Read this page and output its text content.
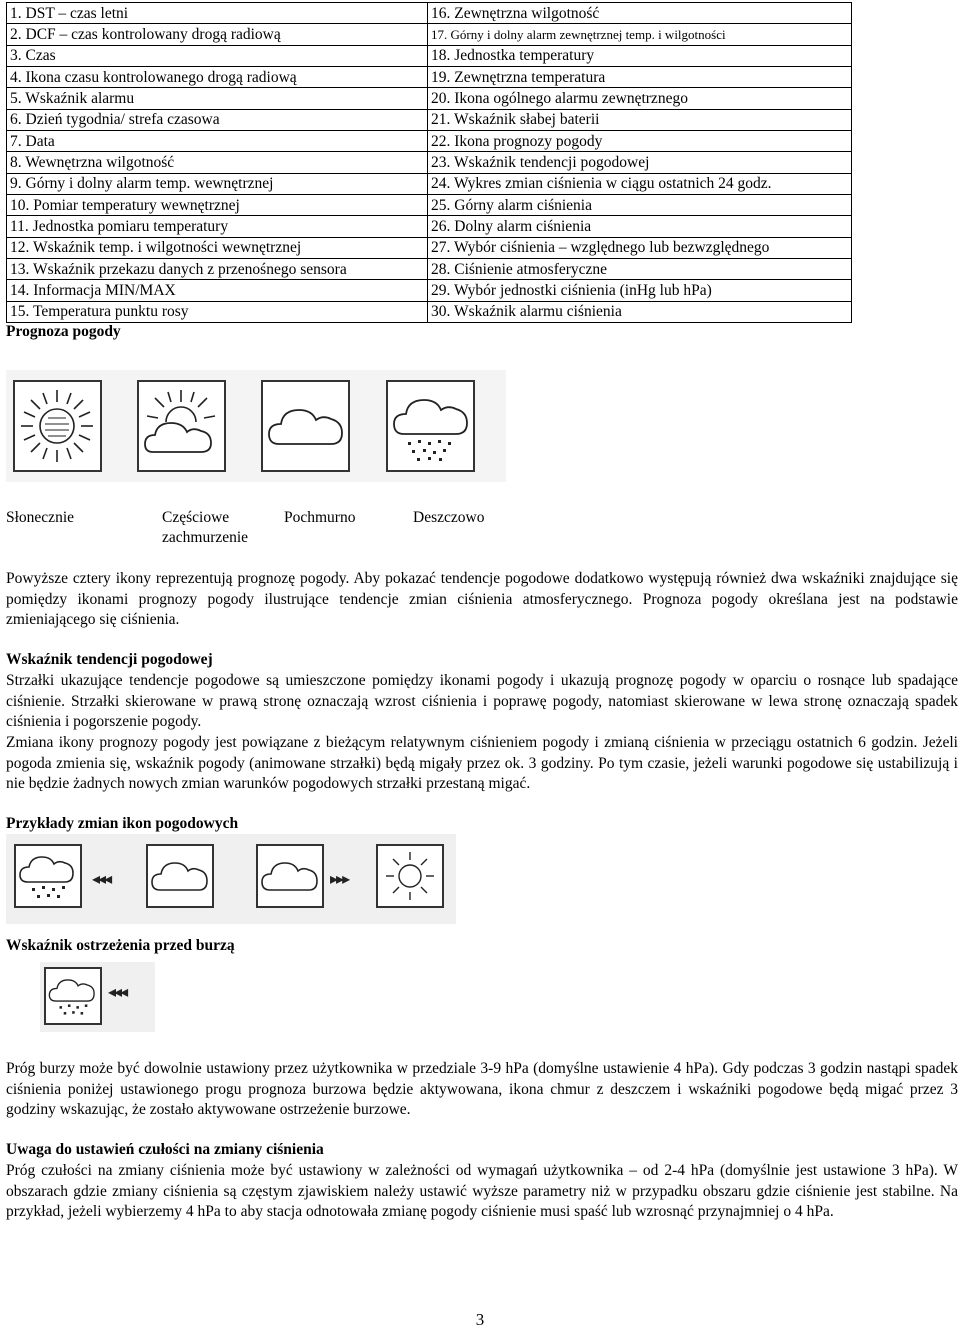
1. DST – czas letni	16. Zewnętrzna wilgotność
2. DCF – czas kontrolowany drogą radiową	17. Górny i dolny alarm zewnętrznej temp. i wilgotności
3. Czas	18. Jednostka temperatury
4. Ikona czasu kontrolowanego drogą radiową	19. Zewnętrzna temperatura
5. Wskaźnik alarmu	20. Ikona ogólnego alarmu zewnętrznego
6. Dzień tygodnia/ strefa czasowa	21. Wskaźnik słabej baterii
7. Data	22. Ikona prognozy pogody
8. Wewnętrzna wilgotność	23. Wskaźnik tendencji pogodowej
9. Górny i dolny alarm temp. wewnętrznej	24. Wykres zmian ciśnienia w ciągu ostatnich 24 godz.
10. Pomiar temperatury wewnętrznej	25. Górny alarm ciśnienia
11. Jednostka pomiaru temperatury	26. Dolny alarm ciśnienia
12. Wskaźnik temp. i wilgotności wewnętrznej	27. Wybór ciśnienia – względnego lub bezwzględnego
13. Wskaźnik przekazu danych z przenośnego sensora	28. Ciśnienie atmosferyczne
14. Informacja MIN/MAX	29. Wybór jednostki ciśnienia (inHg lub hPa)
15. Temperatura punktu rosy	30. Wskaźnik alarmu ciśnienia
Prognoza pogody
Słonecznie	Częściowe
zachmurzenie
Pochmurno	Deszczowo
Powyższe cztery ikony reprezentują prognozę pogody. Aby pokazać tendencje pogodowe dodatkowo występują również dwa wskaźniki znajdujące się pomiędzy ikonami prognozy pogody ilustrujące tendencje zmian ciśnienia atmosferycznego. Prognoza pogody określana jest na podstawie zmieniającego się ciśnienia.
Wskaźnik tendencji pogodowej
Strzałki ukazujące tendencje pogodowe są umieszczone pomiędzy ikonami pogody i ukazują prognozę pogody w oparciu o rosnące lub spadające ciśnienie. Strzałki skierowane w prawą stronę oznaczają wzrost ciśnienia i poprawę pogody, natomiast skierowane w lewa stronę oznaczają spadek ciśnienia i pogorszenie pogody.
Zmiana ikony prognozy pogody jest powiązane z bieżącym relatywnym ciśnieniem pogody i zmianą ciśnienia w przeciągu ostatnich 6 godzin. Jeżeli pogoda zmienia się, wskaźnik pogody (animowane strzałki) będą migały przez ok. 3 godziny. Po tym czasie, jeżeli warunki pogodowe się ustabilizują i nie będzie żadnych nowych zmian warunków pogodowych strzałki przestaną migać.
Przykłady zmian ikon pogodowych
◂◂◂	▸▸▸
Wskaźnik ostrzeżenia przed burzą
◂◂◂
Próg burzy może być dowolnie ustawiony przez użytkownika w przedziale 3-9 hPa (domyślne ustawienie 4 hPa). Gdy podczas 3 godzin nastąpi spadek ciśnienia poniżej ustawionego progu prognoza burzowa będzie aktywowana, ikona chmur z deszczem i wskaźniki pogodowe będą migać przez 3 godziny wskazując, że zostało aktywowane ostrzeżenie burzowe.
Uwaga do ustawień czułości na zmiany ciśnienia
Próg czułości na zmiany ciśnienia może być ustawiony w zależności od wymagań użytkownika – od 2-4 hPa (domyślnie jest ustawione 3 hPa). W obszarach gdzie zmiany ciśnienia są częstym zjawiskiem należy ustawić wyższe parametry niż w przypadku obszaru gdzie ciśnienie jest stabilne. Na przykład, jeżeli wybierzemy 4 hPa to aby stacja odnotowała zmianę pogody ciśnienie musi spaść lub wzrosnąć przynajmniej o 4 hPa.
3
